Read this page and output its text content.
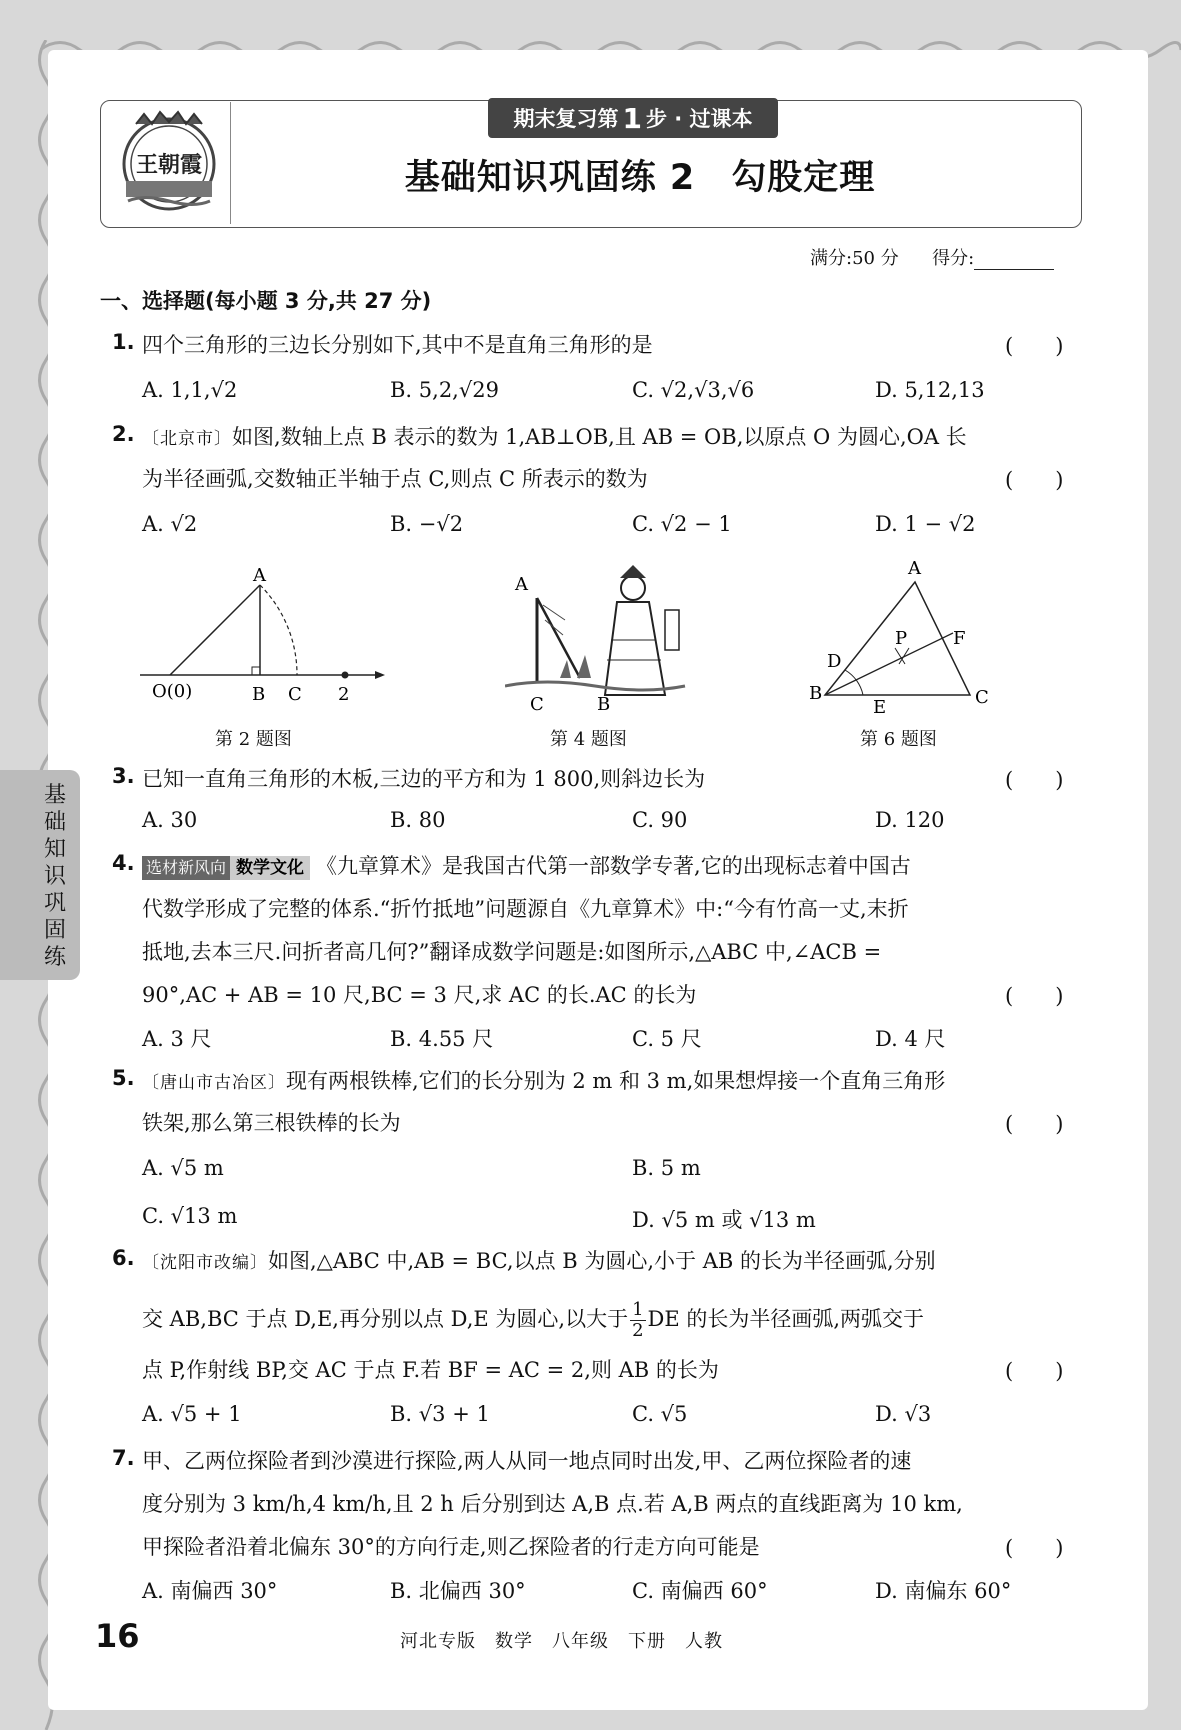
王朝霞
期末复习第 1 步 · 过课本
基础知识巩固练 2　勾股定理
满分:50 分 得分:
一、选择题(每小题 3 分,共 27 分)
1. 四个三角形的三边长分别如下,其中不是直角三角形的是	(　　)
A. 1,1,√2	B. 5,2,√29	C. √2,√3,√6	D. 5,12,13
2. 〔北京市〕如图,数轴上点 B 表示的数为 1,AB⊥OB,且 AB = OB,以原点 O 为圆心,OA 长
为半径画弧,交数轴正半轴于点 C,则点 C 所表示的数为	(　　)
A. √2	B. −√2	C. √2 − 1	D. 1 − √2
A
O(0)	B C 2
第 2 题图
A
C	B
第 4 题图
A
B	C
D
E
F
P
第 6 题图
3. 已知一直角三角形的木板,三边的平方和为 1 800,则斜边长为	(　　)
A. 30	B. 80	C. 90	D. 120
基础知识巩固练
4. 选材新风向 数学文化 《九章算术》是我国古代第一部数学专著,它的出现标志着中国古
代数学形成了完整的体系.“折竹抵地”问题源自《九章算术》中:“今有竹高一丈,末折
抵地,去本三尺.问折者高几何?”翻译成数学问题是:如图所示,△ABC 中,∠ACB =
90°,AC + AB = 10 尺,BC = 3 尺,求 AC 的长.AC 的长为	(　　)
A. 3 尺	B. 4.55 尺	C. 5 尺	D. 4 尺
5. 〔唐山市古冶区〕现有两根铁棒,它们的长分别为 2 m 和 3 m,如果想焊接一个直角三角形
铁架,那么第三根铁棒的长为	(　　)
A. √5 m	B. 5 m
C. √13 m	D. √5 m 或 √13 m
6. 〔沈阳市改编〕如图,△ABC 中,AB = BC,以点 B 为圆心,小于 AB 的长为半径画弧,分别
交 AB,BC 于点 D,E,再分别以点 D,E 为圆心,以大于 $\frac{1}{2}$ DE 的长为半径画弧,两弧交于
点 P,作射线 BP,交 AC 于点 F.若 BF = AC = 2,则 AB 的长为	(　　)
A. √5 + 1	B. √3 + 1	C. √5	D. √3
7. 甲、乙两位探险者到沙漠进行探险,两人从同一地点同时出发,甲、乙两位探险者的速
度分别为 3 km/h,4 km/h,且 2 h 后分别到达 A,B 点.若 A,B 两点的直线距离为 10 km,
甲探险者沿着北偏东 30°的方向行走,则乙探险者的行走方向可能是	(　　)
A. 南偏西 30°	B. 北偏西 30°	C. 南偏西 60°	D. 南偏东 60°
16	河北专版　数学　八年级　下册　人教
